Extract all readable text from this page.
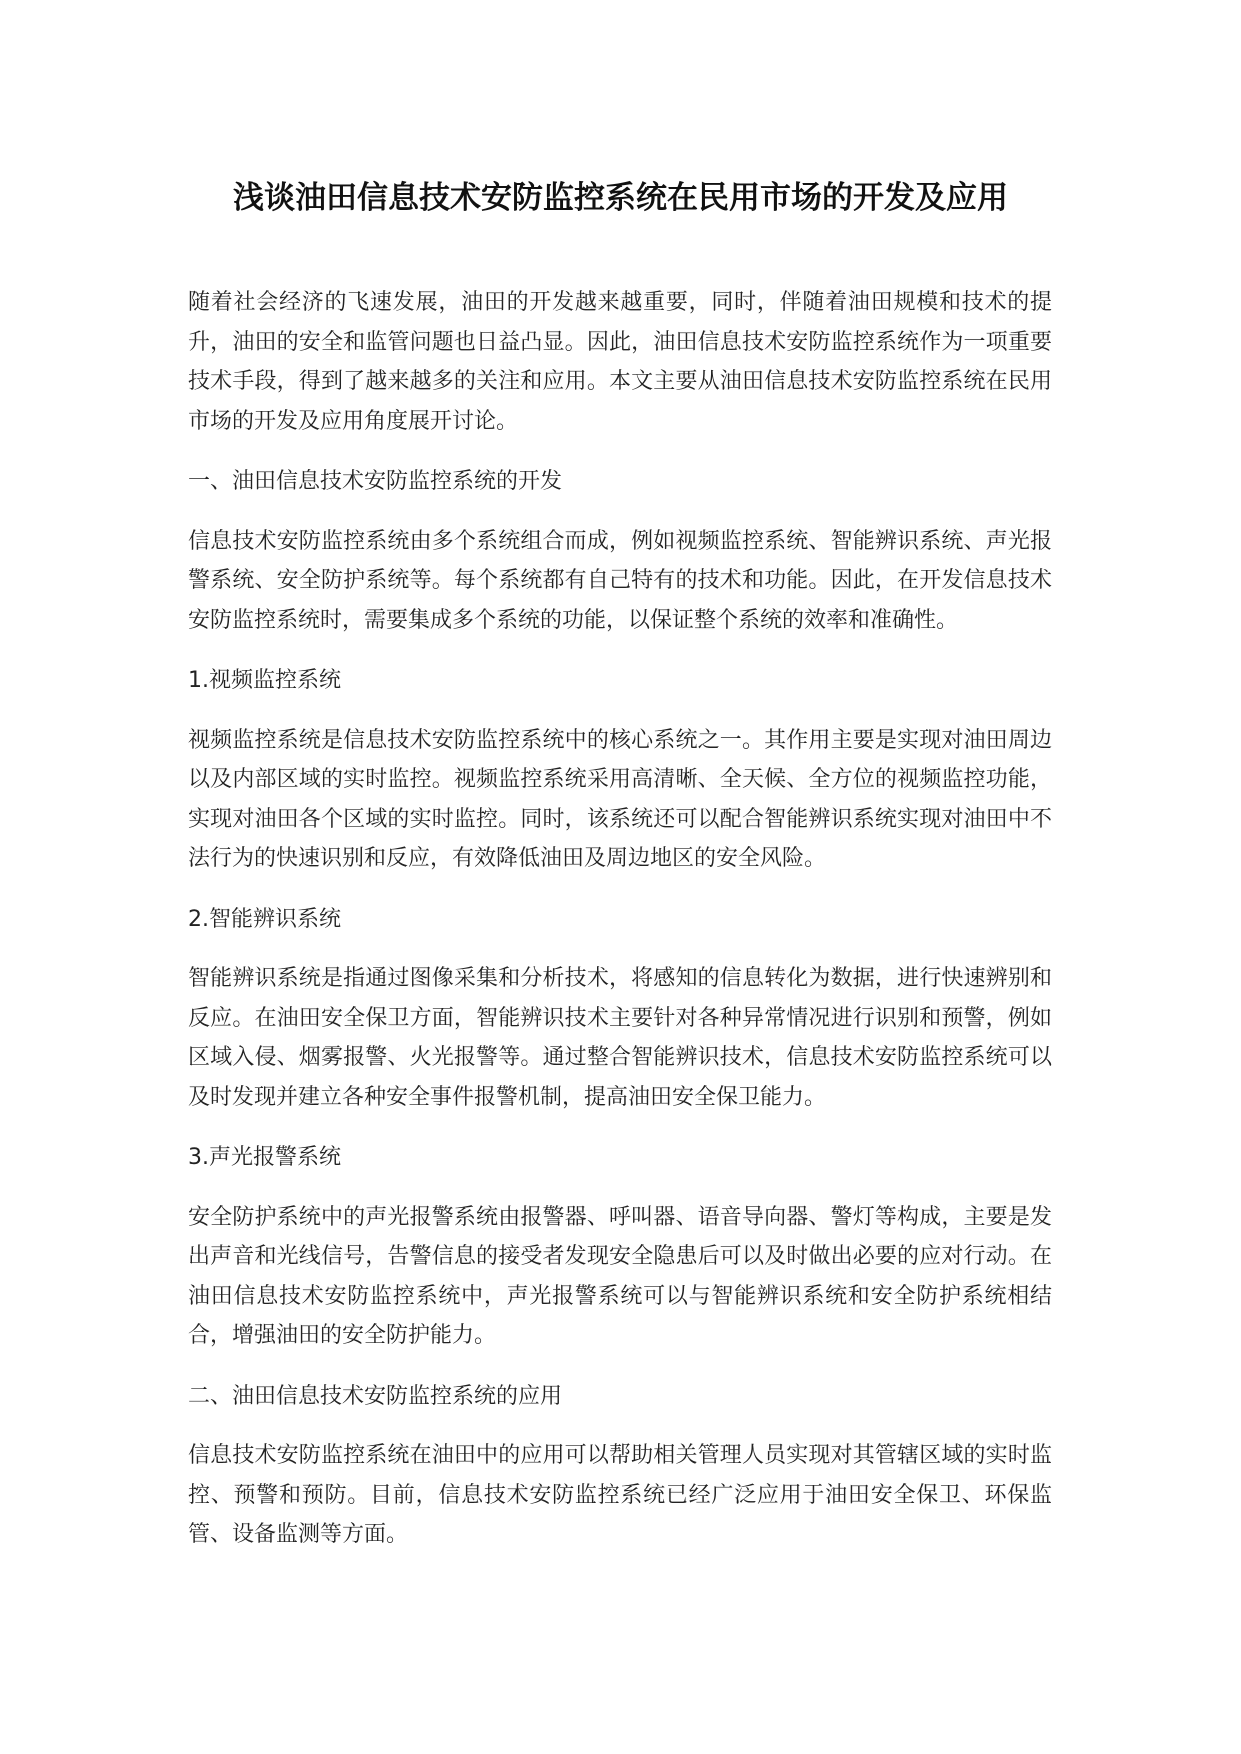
浅谈油田信息技术安防监控系统在民用市场的开发及应用

随着社会经济的飞速发展，油田的开发越来越重要，同时，伴随着油田规模和技术的提升，油田的安全和监管问题也日益凸显。因此，油田信息技术安防监控系统作为一项重要技术手段，得到了越来越多的关注和应用。本文主要从油田信息技术安防监控系统在民用市场的开发及应用角度展开讨论。

一、油田信息技术安防监控系统的开发

信息技术安防监控系统由多个系统组合而成，例如视频监控系统、智能辨识系统、声光报警系统、安全防护系统等。每个系统都有自己特有的技术和功能。因此，在开发信息技术安防监控系统时，需要集成多个系统的功能，以保证整个系统的效率和准确性。

1.视频监控系统

视频监控系统是信息技术安防监控系统中的核心系统之一。其作用主要是实现对油田周边以及内部区域的实时监控。视频监控系统采用高清晰、全天候、全方位的视频监控功能，实现对油田各个区域的实时监控。同时，该系统还可以配合智能辨识系统实现对油田中不法行为的快速识别和反应，有效降低油田及周边地区的安全风险。

2.智能辨识系统

智能辨识系统是指通过图像采集和分析技术，将感知的信息转化为数据，进行快速辨别和反应。在油田安全保卫方面，智能辨识技术主要针对各种异常情况进行识别和预警，例如区域入侵、烟雾报警、火光报警等。通过整合智能辨识技术，信息技术安防监控系统可以及时发现并建立各种安全事件报警机制，提高油田安全保卫能力。

3.声光报警系统

安全防护系统中的声光报警系统由报警器、呼叫器、语音导向器、警灯等构成，主要是发出声音和光线信号，告警信息的接受者发现安全隐患后可以及时做出必要的应对行动。在油田信息技术安防监控系统中，声光报警系统可以与智能辨识系统和安全防护系统相结合，增强油田的安全防护能力。

二、油田信息技术安防监控系统的应用

信息技术安防监控系统在油田中的应用可以帮助相关管理人员实现对其管辖区域的实时监控、预警和预防。目前，信息技术安防监控系统已经广泛应用于油田安全保卫、环保监管、设备监测等方面。
